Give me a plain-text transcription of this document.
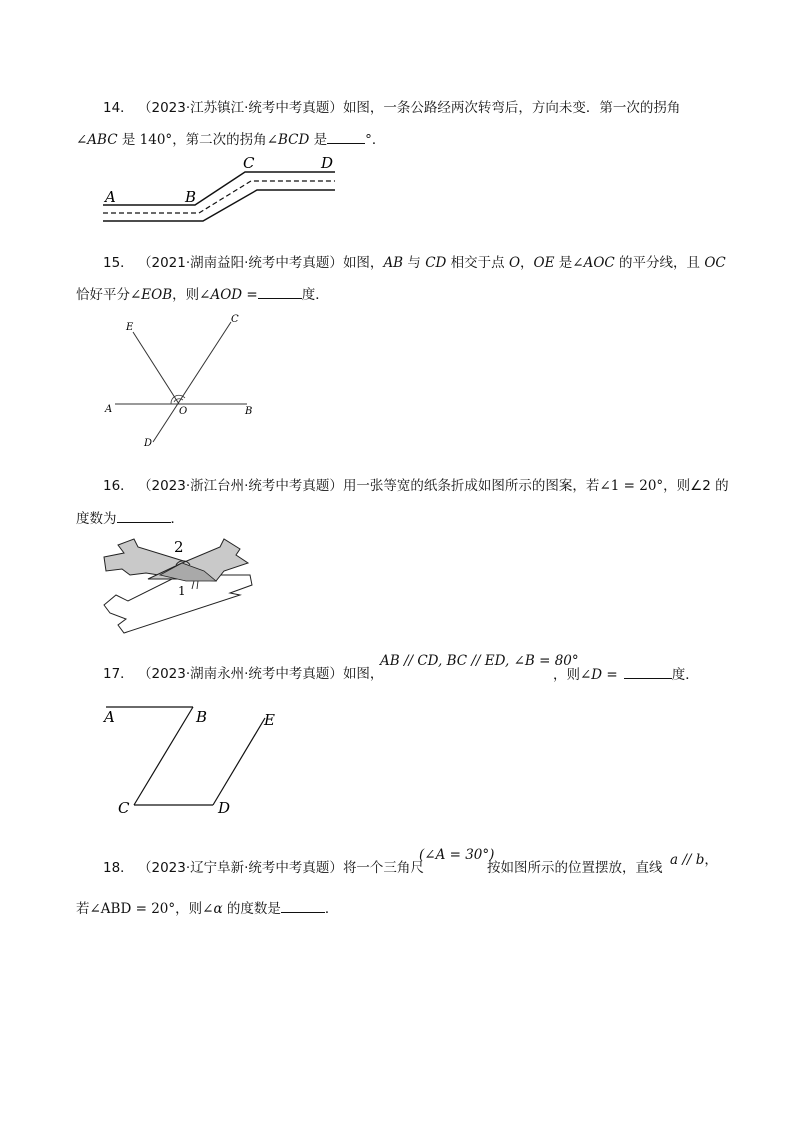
14． （2023·江苏镇江·统考中考真题）如图，一条公路经两次转弯后，方向未变．第一次的拐角
∠ABC 是 140°，第二次的拐角∠BCD 是	°．
A	B
C	D
15． （2021·湖南益阳·统考中考真题）如图，AB 与 CD 相交于点 O，OE 是∠AOC 的平分线，且 OC
恰好平分∠EOB，则∠AOD =	度．
E
C
A	O	B
D
16． （2023·浙江台州·统考中考真题）用一张等宽的纸条折成如图所示的图案，若∠1 = 20°，则∠2 的
度数为	．
2
1
AB // CD, BC // ED, ∠B = 80°
17． （2023·湖南永州·统考中考真题）如图，	，则∠D =	度．
A	B
C	D
E
18． （2023·辽宁阜新·统考中考真题）将一个三角尺
(∠A = 30°)
按如图所示的位置摆放，直线 a // b，
若∠ABD = 20°，则∠α 的度数是	．
